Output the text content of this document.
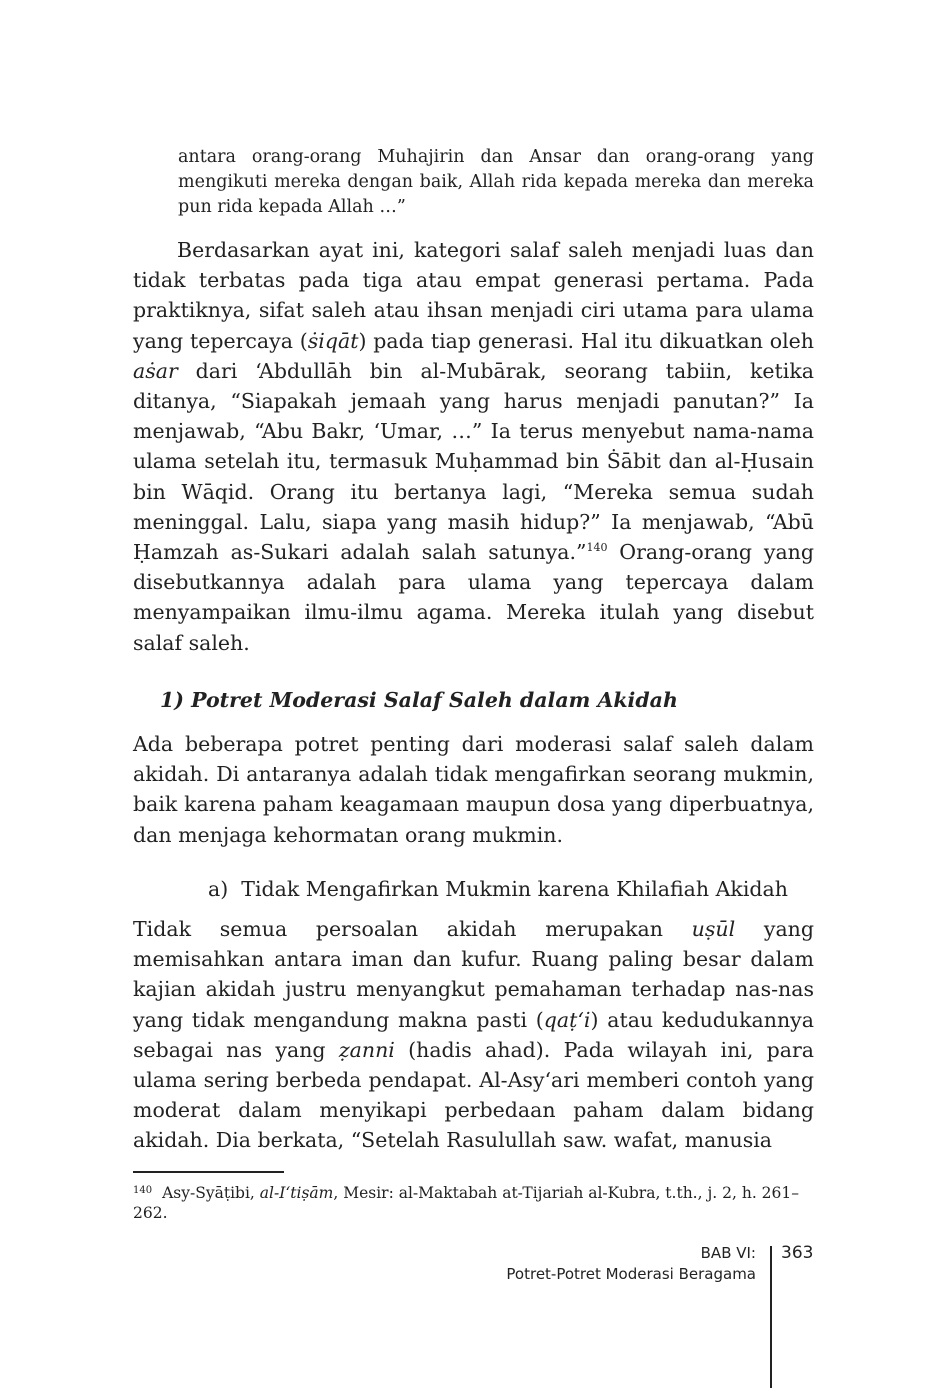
antara orang-orang Muhajirin dan Ansar dan orang-orang yang mengikuti mereka dengan baik, Allah rida kepada mereka dan mereka pun rida kepada Allah …”

Berdasarkan ayat ini, kategori salaf saleh menjadi luas dan tidak terbatas pada tiga atau empat generasi pertama. Pada praktiknya, sifat saleh atau ihsan menjadi ciri utama para ulama yang tepercaya (ṡiqāt) pada tiap generasi. Hal itu dikuatkan oleh aṡar dari ‘Abdullāh bin al-Mubārak, seorang tabiin, ketika ditanya, “Siapakah jemaah yang harus menjadi panutan?” Ia menjawab, “Abu Bakr, ‘Umar, …” Ia terus menyebut nama-nama ulama setelah itu, termasuk Muḥammad bin Ṡābit dan al-Ḥusain bin Wāqid. Orang itu bertanya lagi, “Mereka semua sudah meninggal. Lalu, siapa yang masih hidup?” Ia menjawab, “Abū Ḥamzah as-Sukari adalah salah satunya.”$^{140}$ Orang-orang yang disebutkannya adalah para ulama yang tepercaya dalam menyampaikan ilmu-ilmu agama. Mereka itulah yang disebut salaf saleh.

1) Potret Moderasi Salaf Saleh dalam Akidah

Ada beberapa potret penting dari moderasi salaf saleh dalam akidah. Di antaranya adalah tidak mengafirkan seorang mukmin, baik karena paham keagamaan maupun dosa yang diperbuatnya, dan menjaga kehormatan orang mukmin.

a) Tidak Mengafirkan Mukmin karena Khilafiah Akidah

Tidak semua persoalan akidah merupakan uṣūl yang memisahkan antara iman dan kufur. Ruang paling besar dalam kajian akidah justru menyangkut pemahaman terhadap nas-nas yang tidak mengandung makna pasti (qaṭ‘i) atau kedudukannya sebagai nas yang ẓanni (hadis ahad). Pada wilayah ini, para ulama sering berbeda pendapat. Al-Asy‘ari memberi contoh yang moderat dalam menyikapi perbedaan paham dalam bidang akidah. Dia berkata, “Setelah Rasulullah saw. wafat, manusia

$^{140}$ Asy-Syāṭibi, al-I‘tiṣām, Mesir: al-Maktabah at-Tijariah al-Kubra, t.th., j. 2, h. 261–262.

BAB VI:
Potret-Potret Moderasi Beragama
363
